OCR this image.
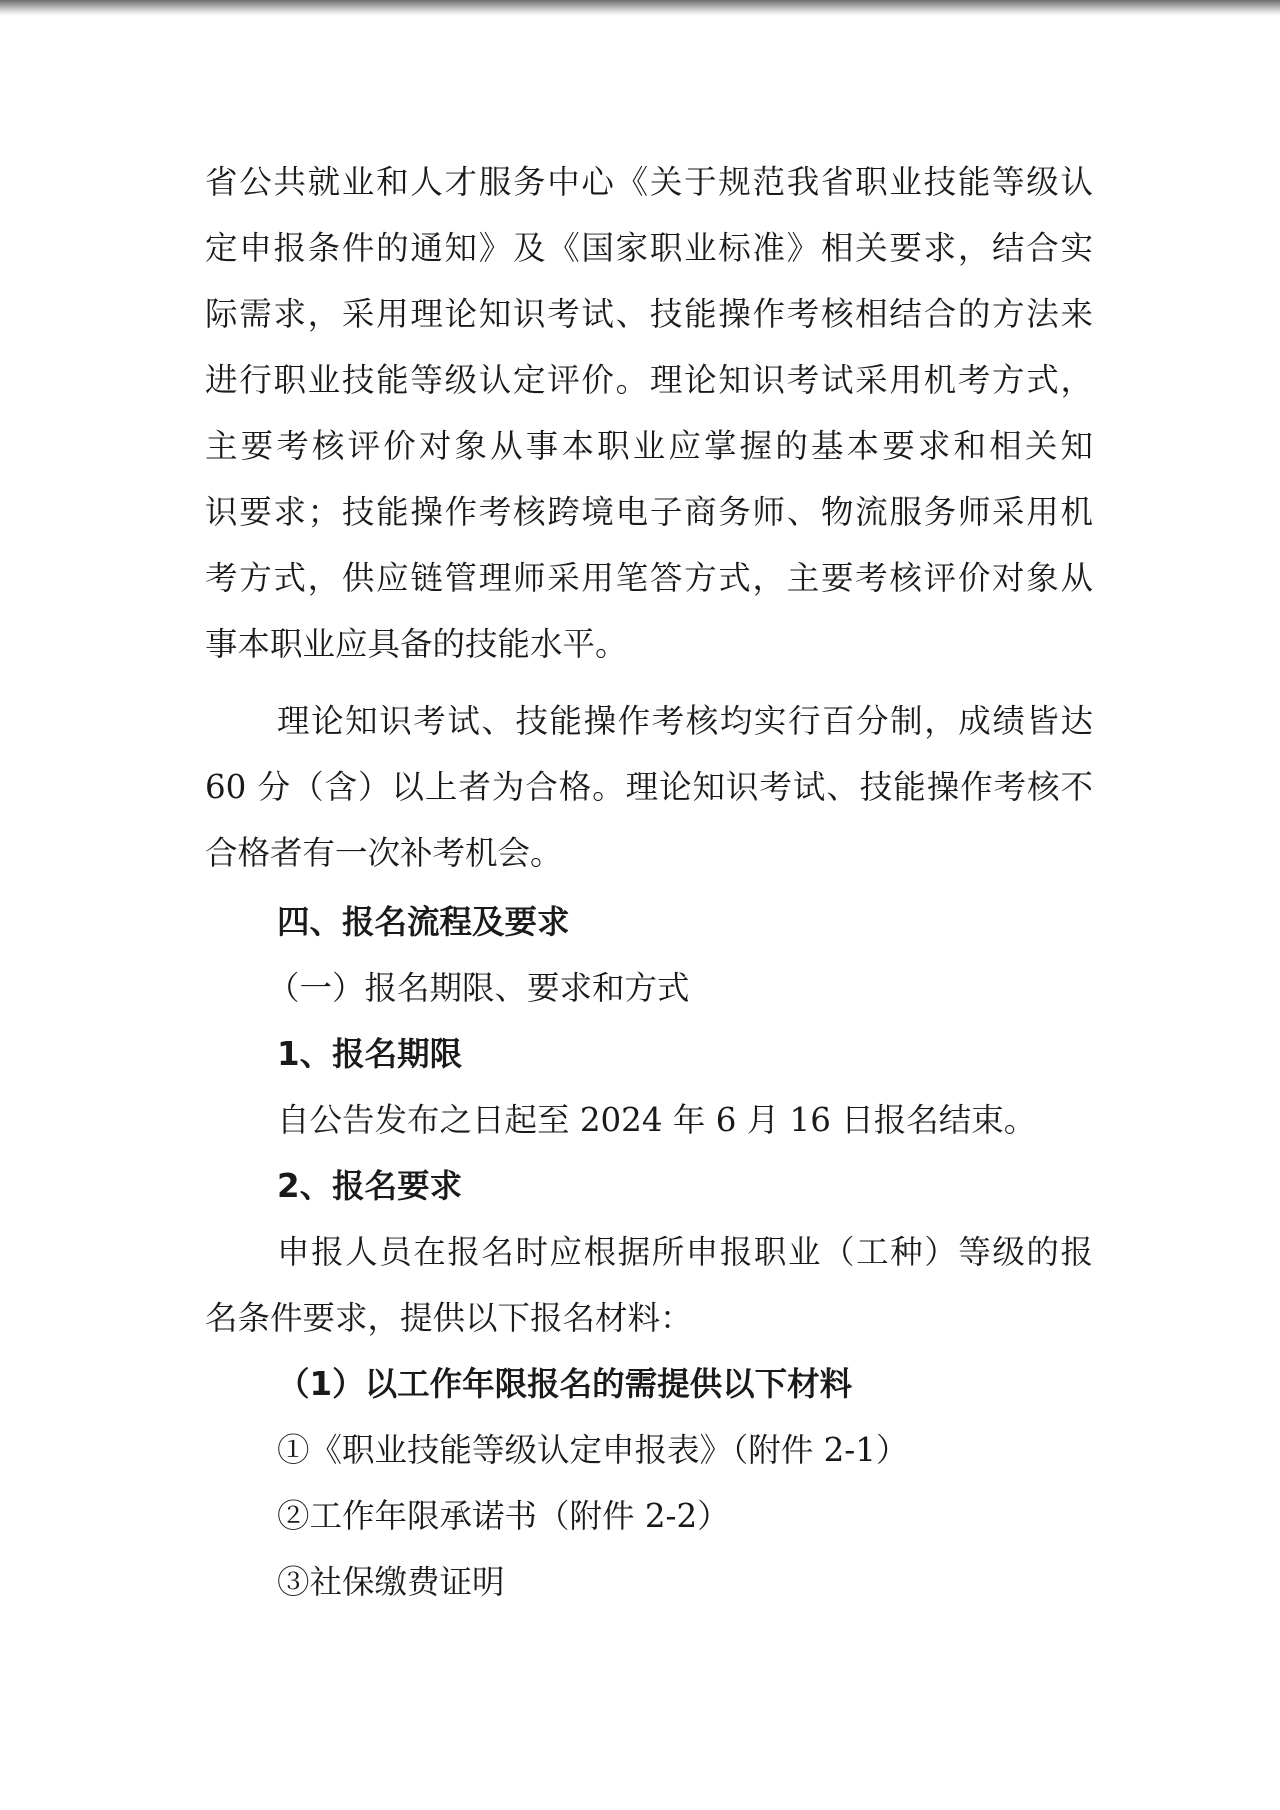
省公共就业和人才服务中心《关于规范我省职业技能等级认
定申报条件的通知》及《国家职业标准》相关要求，结合实
际需求，采用理论知识考试、技能操作考核相结合的方法来
进行职业技能等级认定评价。理论知识考试采用机考方式，
主要考核评价对象从事本职业应掌握的基本要求和相关知
识要求；技能操作考核跨境电子商务师、物流服务师采用机
考方式，供应链管理师采用笔答方式，主要考核评价对象从
事本职业应具备的技能水平。
理论知识考试、技能操作考核均实行百分制，成绩皆达
60 分（含）以上者为合格。理论知识考试、技能操作考核不
合格者有一次补考机会。
四、报名流程及要求
（一）报名期限、要求和方式
1、报名期限
自公告发布之日起至 2024 年 6 月 16 日报名结束。
2、报名要求
申报人员在报名时应根据所申报职业（工种）等级的报
名条件要求，提供以下报名材料：
（1）以工作年限报名的需提供以下材料
①《职业技能等级认定申报表》（附件 2-1）
②工作年限承诺书（附件 2-2）
③社保缴费证明
